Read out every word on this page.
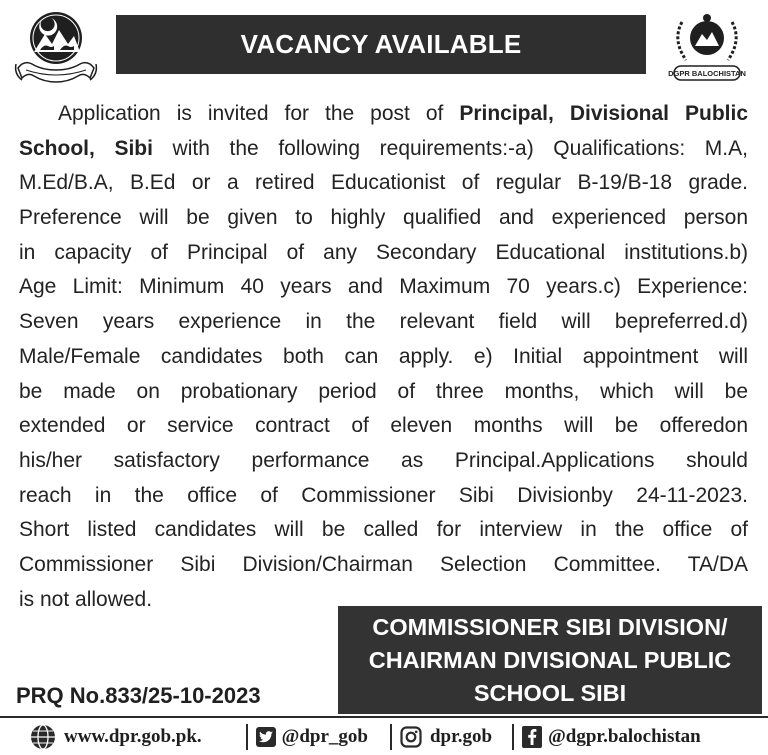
VACANCY AVAILABLE
DGPR BALOCHISTAN
Application is invited for the post of Principal, Divisional Public
School, Sibi with the following requirements:-a) Qualifications: M.A,
M.Ed/B.A, B.Ed or a retired Educationist of regular B-19/B-18 grade.
Preference will be given to highly qualified and experienced person
in capacity of Principal of any Secondary Educational institutions.b)
Age Limit: Minimum 40 years and Maximum 70 years.c) Experience:
Seven years experience in the relevant field will bepreferred.d)
Male/Female candidates both can apply. e) Initial appointment will
be made on probationary period of three months, which will be
extended or service contract of eleven months will be offeredon
his/her satisfactory performance as Principal.Applications should
reach in the office of Commissioner Sibi Divisionby 24-11-2023.
Short listed candidates will be called for interview in the office of
Commissioner Sibi Division/Chairman Selection Committee. TA/DA
is not allowed.
COMMISSIONER SIBI DIVISION/
CHAIRMAN DIVISIONAL PUBLIC
SCHOOL SIBI
PRQ No.833/25-10-2023
www.dpr.gob.pk.	@dpr_gob	dpr.gob	@dgpr.balochistan
